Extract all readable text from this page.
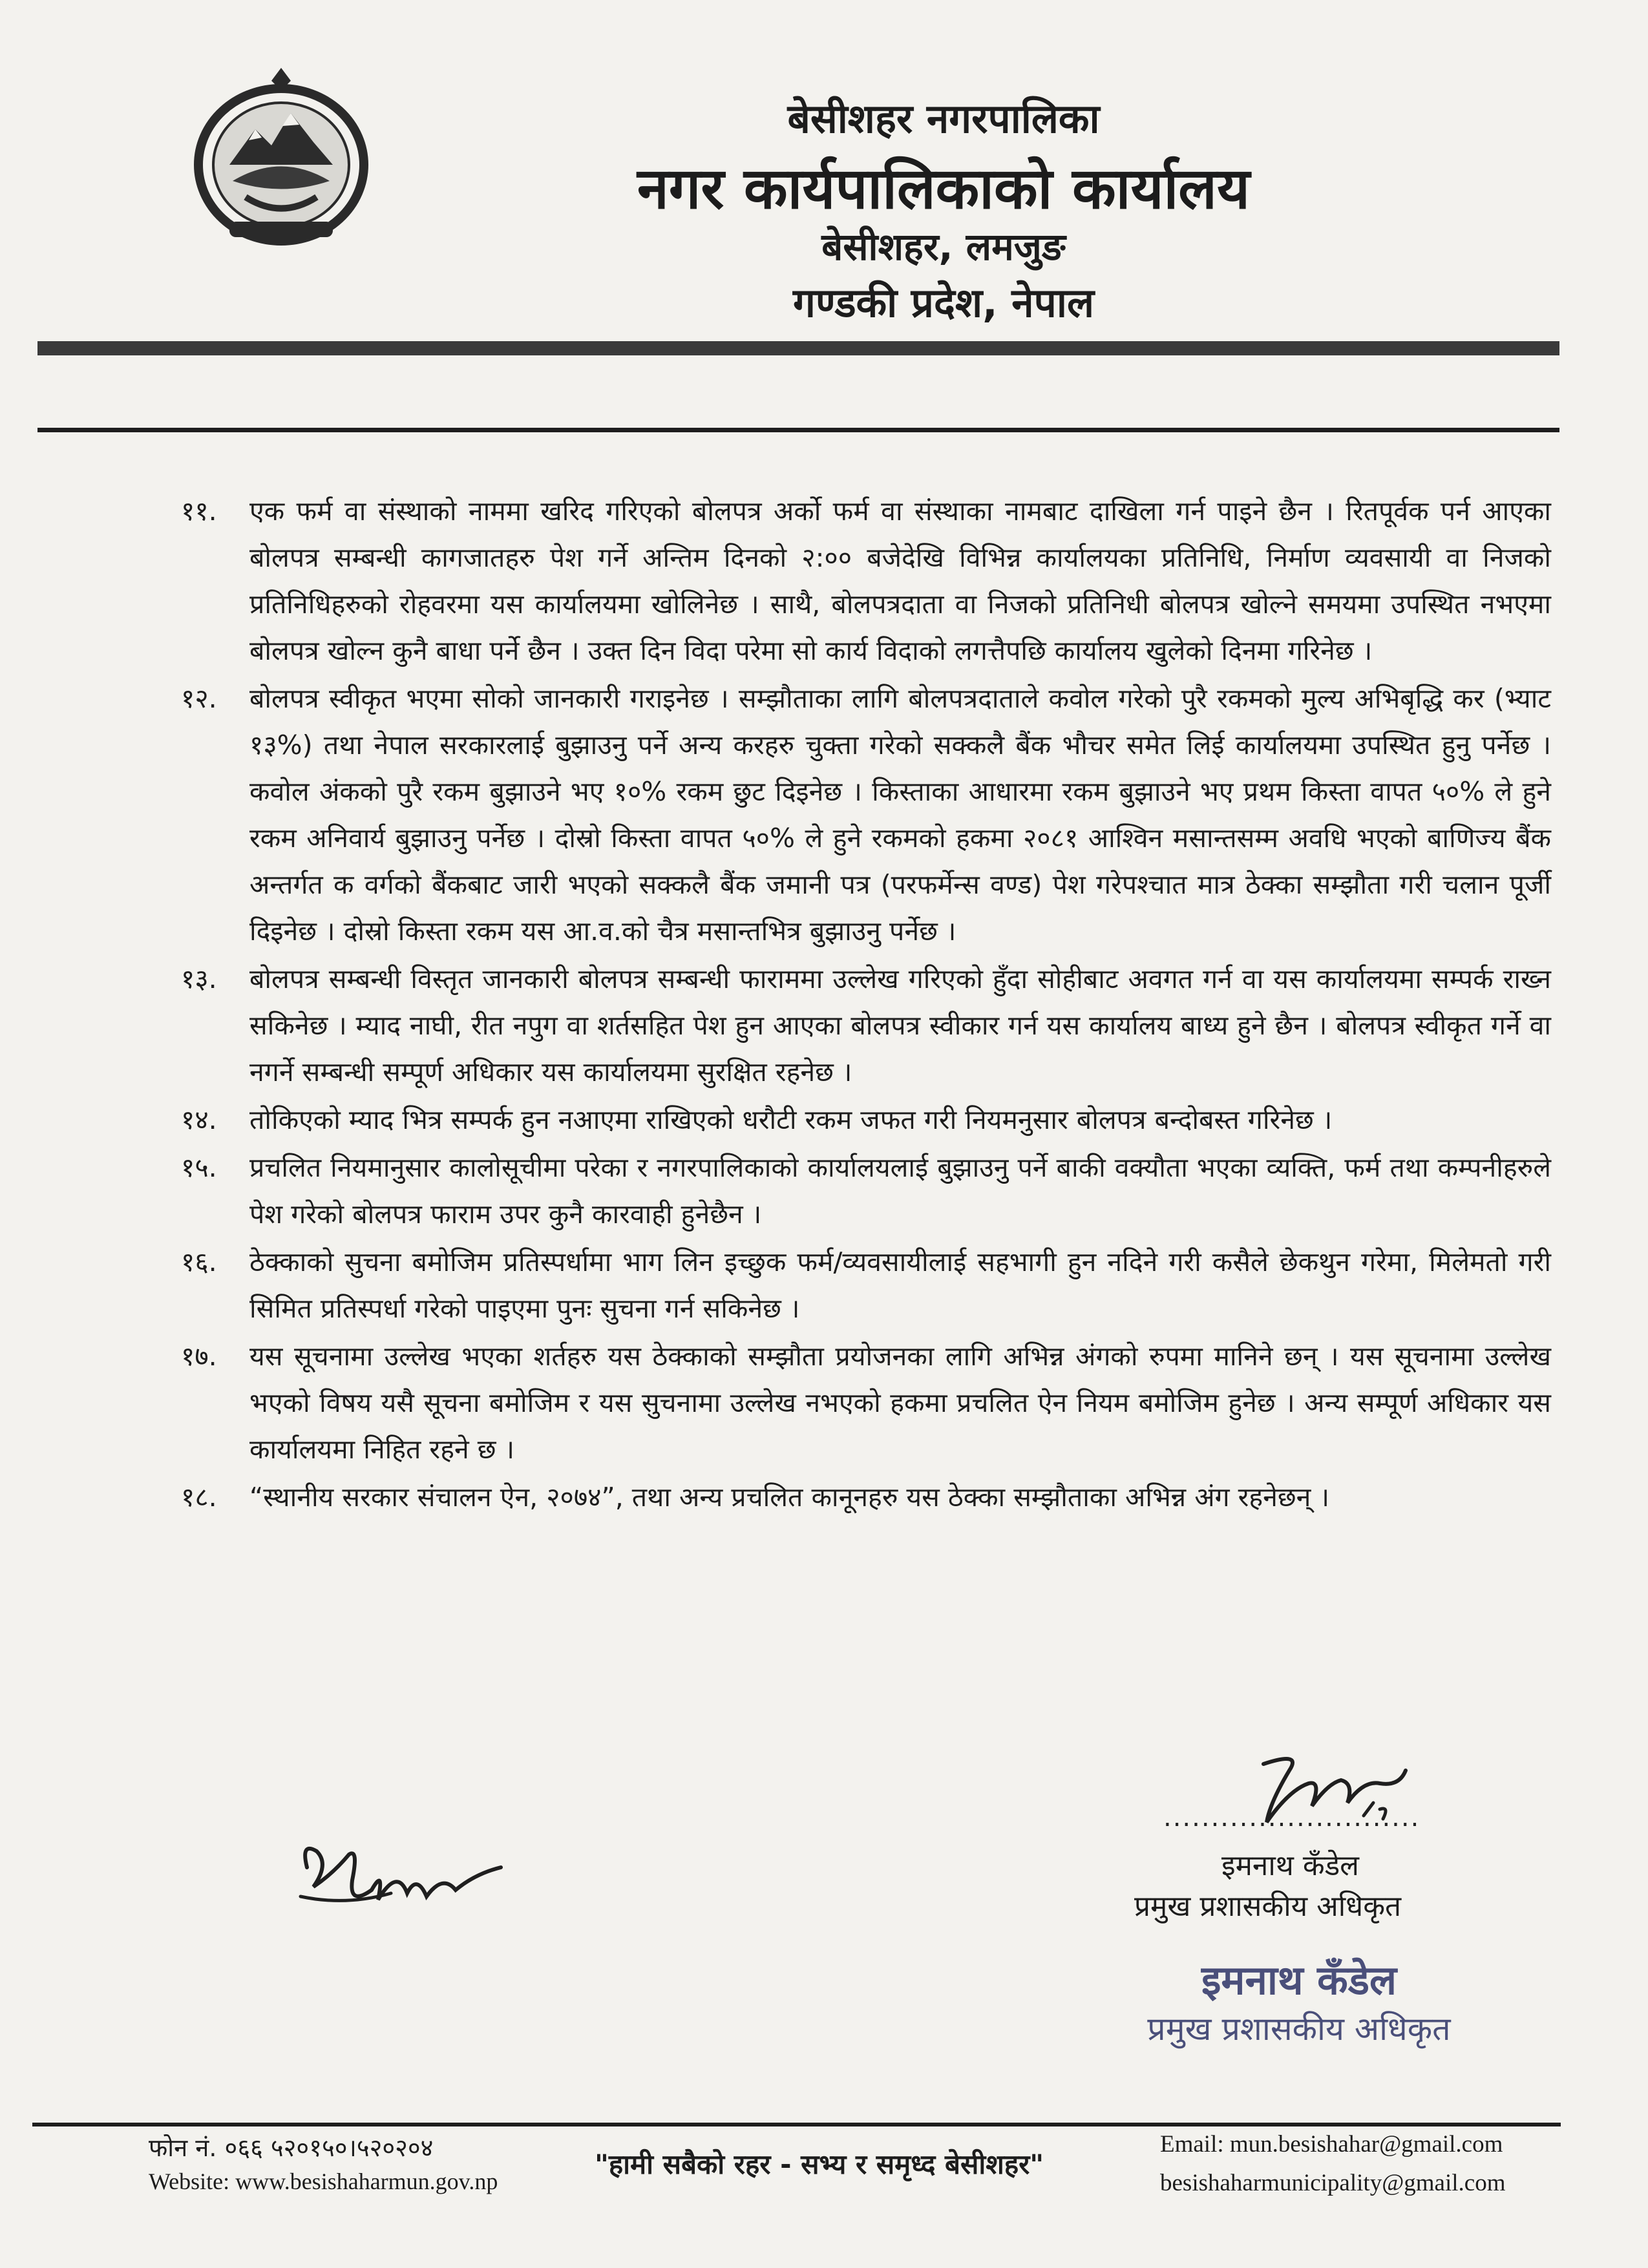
बेसीशहर नगरपालिका
नगर कार्यपालिकाको कार्यालय
बेसीशहर, लमजुङ
गण्डकी प्रदेश, नेपाल
११. एक फर्म वा संस्थाको नाममा खरिद गरिएको बोलपत्र अर्को फर्म वा संस्थाका नामबाट दाखिला गर्न पाइने छैन । रितपूर्वक पर्न आएका बोलपत्र सम्बन्धी कागजातहरु पेश गर्ने अन्तिम दिनको २:०० बजेदेखि विभिन्न कार्यालयका प्रतिनिधि, निर्माण व्यवसायी वा निजको प्रतिनिधिहरुको रोहवरमा यस कार्यालयमा खोलिनेछ । साथै, बोलपत्रदाता वा निजको प्रतिनिधी बोलपत्र खोल्ने समयमा उपस्थित नभएमा बोलपत्र खोल्न कुनै बाधा पर्ने छैन । उक्त दिन विदा परेमा सो कार्य विदाको लगत्तैपछि कार्यालय खुलेको दिनमा गरिनेछ ।
१२. बोलपत्र स्वीकृत भएमा सोको जानकारी गराइनेछ । सम्झौताका लागि बोलपत्रदाताले कवोल गरेको पुरै रकमको मुल्य अभिबृद्धि कर (भ्याट १३%) तथा नेपाल सरकारलाई बुझाउनु पर्ने अन्य करहरु चुक्ता गरेको सक्कलै बैंक भौचर समेत लिई कार्यालयमा उपस्थित हुनु पर्नेछ । कवोल अंकको पुरै रकम बुझाउने भए १०% रकम छुट दिइनेछ । किस्ताका आधारमा रकम बुझाउने भए प्रथम किस्ता वापत ५०% ले हुने रकम अनिवार्य बुझाउनु पर्नेछ । दोस्रो किस्ता वापत ५०% ले हुने रकमको हकमा २०८१ आश्विन मसान्तसम्म अवधि भएको बाणिज्य बैंक अन्तर्गत क वर्गको बैंकबाट जारी भएको सक्कलै बैंक जमानी पत्र (परफर्मेन्स वण्ड) पेश गरेपश्चात मात्र ठेक्का सम्झौता गरी चलान पूर्जी दिइनेछ । दोस्रो किस्ता रकम यस आ.व.को चैत्र मसान्तभित्र बुझाउनु पर्नेछ ।
१३. बोलपत्र सम्बन्धी विस्तृत जानकारी बोलपत्र सम्बन्धी फाराममा उल्लेख गरिएको हुँदा सोहीबाट अवगत गर्न वा यस कार्यालयमा सम्पर्क राख्न सकिनेछ । म्याद नाघी, रीत नपुग वा शर्तसहित पेश हुन आएका बोलपत्र स्वीकार गर्न यस कार्यालय बाध्य हुने छैन । बोलपत्र स्वीकृत गर्ने वा नगर्ने सम्बन्धी सम्पूर्ण अधिकार यस कार्यालयमा सुरक्षित रहनेछ ।
१४. तोकिएको म्याद भित्र सम्पर्क हुन नआएमा राखिएको धरौटी रकम जफत गरी नियमनुसार बोलपत्र बन्दोबस्त गरिनेछ ।
१५. प्रचलित नियमानुसार कालोसूचीमा परेका र नगरपालिकाको कार्यालयलाई बुझाउनु पर्ने बाकी वक्यौता भएका व्यक्ति, फर्म तथा कम्पनीहरुले पेश गरेको बोलपत्र फाराम उपर कुनै कारवाही हुनेछैन ।
१६. ठेक्काको सुचना बमोजिम प्रतिस्पर्धामा भाग लिन इच्छुक फर्म/व्यवसायीलाई सहभागी हुन नदिने गरी कसैले छेकथुन गरेमा, मिलेमतो गरी सिमित प्रतिस्पर्धा गरेको पाइएमा पुनः सुचना गर्न सकिनेछ ।
१७. यस सूचनामा उल्लेख भएका शर्तहरु यस ठेक्काको सम्झौता प्रयोजनका लागि अभिन्न अंगको रुपमा मानिने छन् । यस सूचनामा उल्लेख भएको विषय यसै सूचना बमोजिम र यस सुचनामा उल्लेख नभएको हकमा प्रचलित ऐन नियम बमोजिम हुनेछ । अन्य सम्पूर्ण अधिकार यस कार्यालयमा निहित रहने छ ।
१८. “स्थानीय सरकार संचालन ऐन, २०७४”, तथा अन्य प्रचलित कानूनहरु यस ठेक्का सम्झौताका अभिन्न अंग रहनेछन् ।
...........................
इमनाथ कँडेल
प्रमुख प्रशासकीय अधिकृत
इमनाथ कँडेल
प्रमुख प्रशासकीय अधिकृत
फोन नं. ०६६ ५२०१५०।५२०२०४
Website: www.besishaharmun.gov.np
"हामी सबैको रहर - सभ्य र समृध्द बेसीशहर"
Email: mun.besishahar@gmail.com
besishaharmunicipality@gmail.com
